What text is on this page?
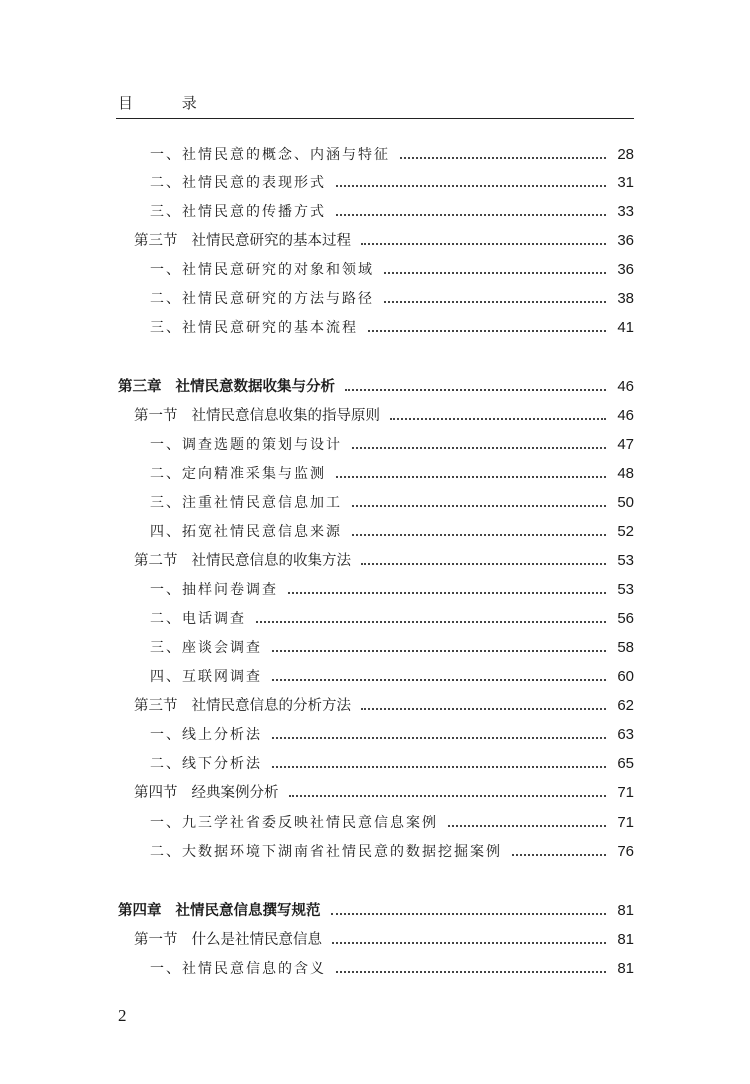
目 录
一、 社情民意的概念、内涵与特征	28
二、 社情民意的表现形式	31
三、 社情民意的传播方式	33
第三节 社情民意研究的基本过程	36
一、 社情民意研究的对象和领域	36
二、 社情民意研究的方法与路径	38
三、 社情民意研究的基本流程	41
第三章 社情民意数据收集与分析	46
第一节 社情民意信息收集的指导原则	46
一、 调查选题的策划与设计	47
二、 定向精准采集与监测	48
三、 注重社情民意信息加工	50
四、 拓宽社情民意信息来源	52
第二节 社情民意信息的收集方法	53
一、 抽样问卷调查	53
二、 电话调查	56
三、 座谈会调查	58
四、 互联网调查	60
第三节 社情民意信息的分析方法	62
一、 线上分析法	63
二、 线下分析法	65
第四节 经典案例分析	71
一、 九三学社省委反映社情民意信息案例	71
二、 大数据环境下湖南省社情民意的数据挖掘案例	76
第四章 社情民意信息撰写规范	81
第一节 什么是社情民意信息	81
一、 社情民意信息的含义	81
2
